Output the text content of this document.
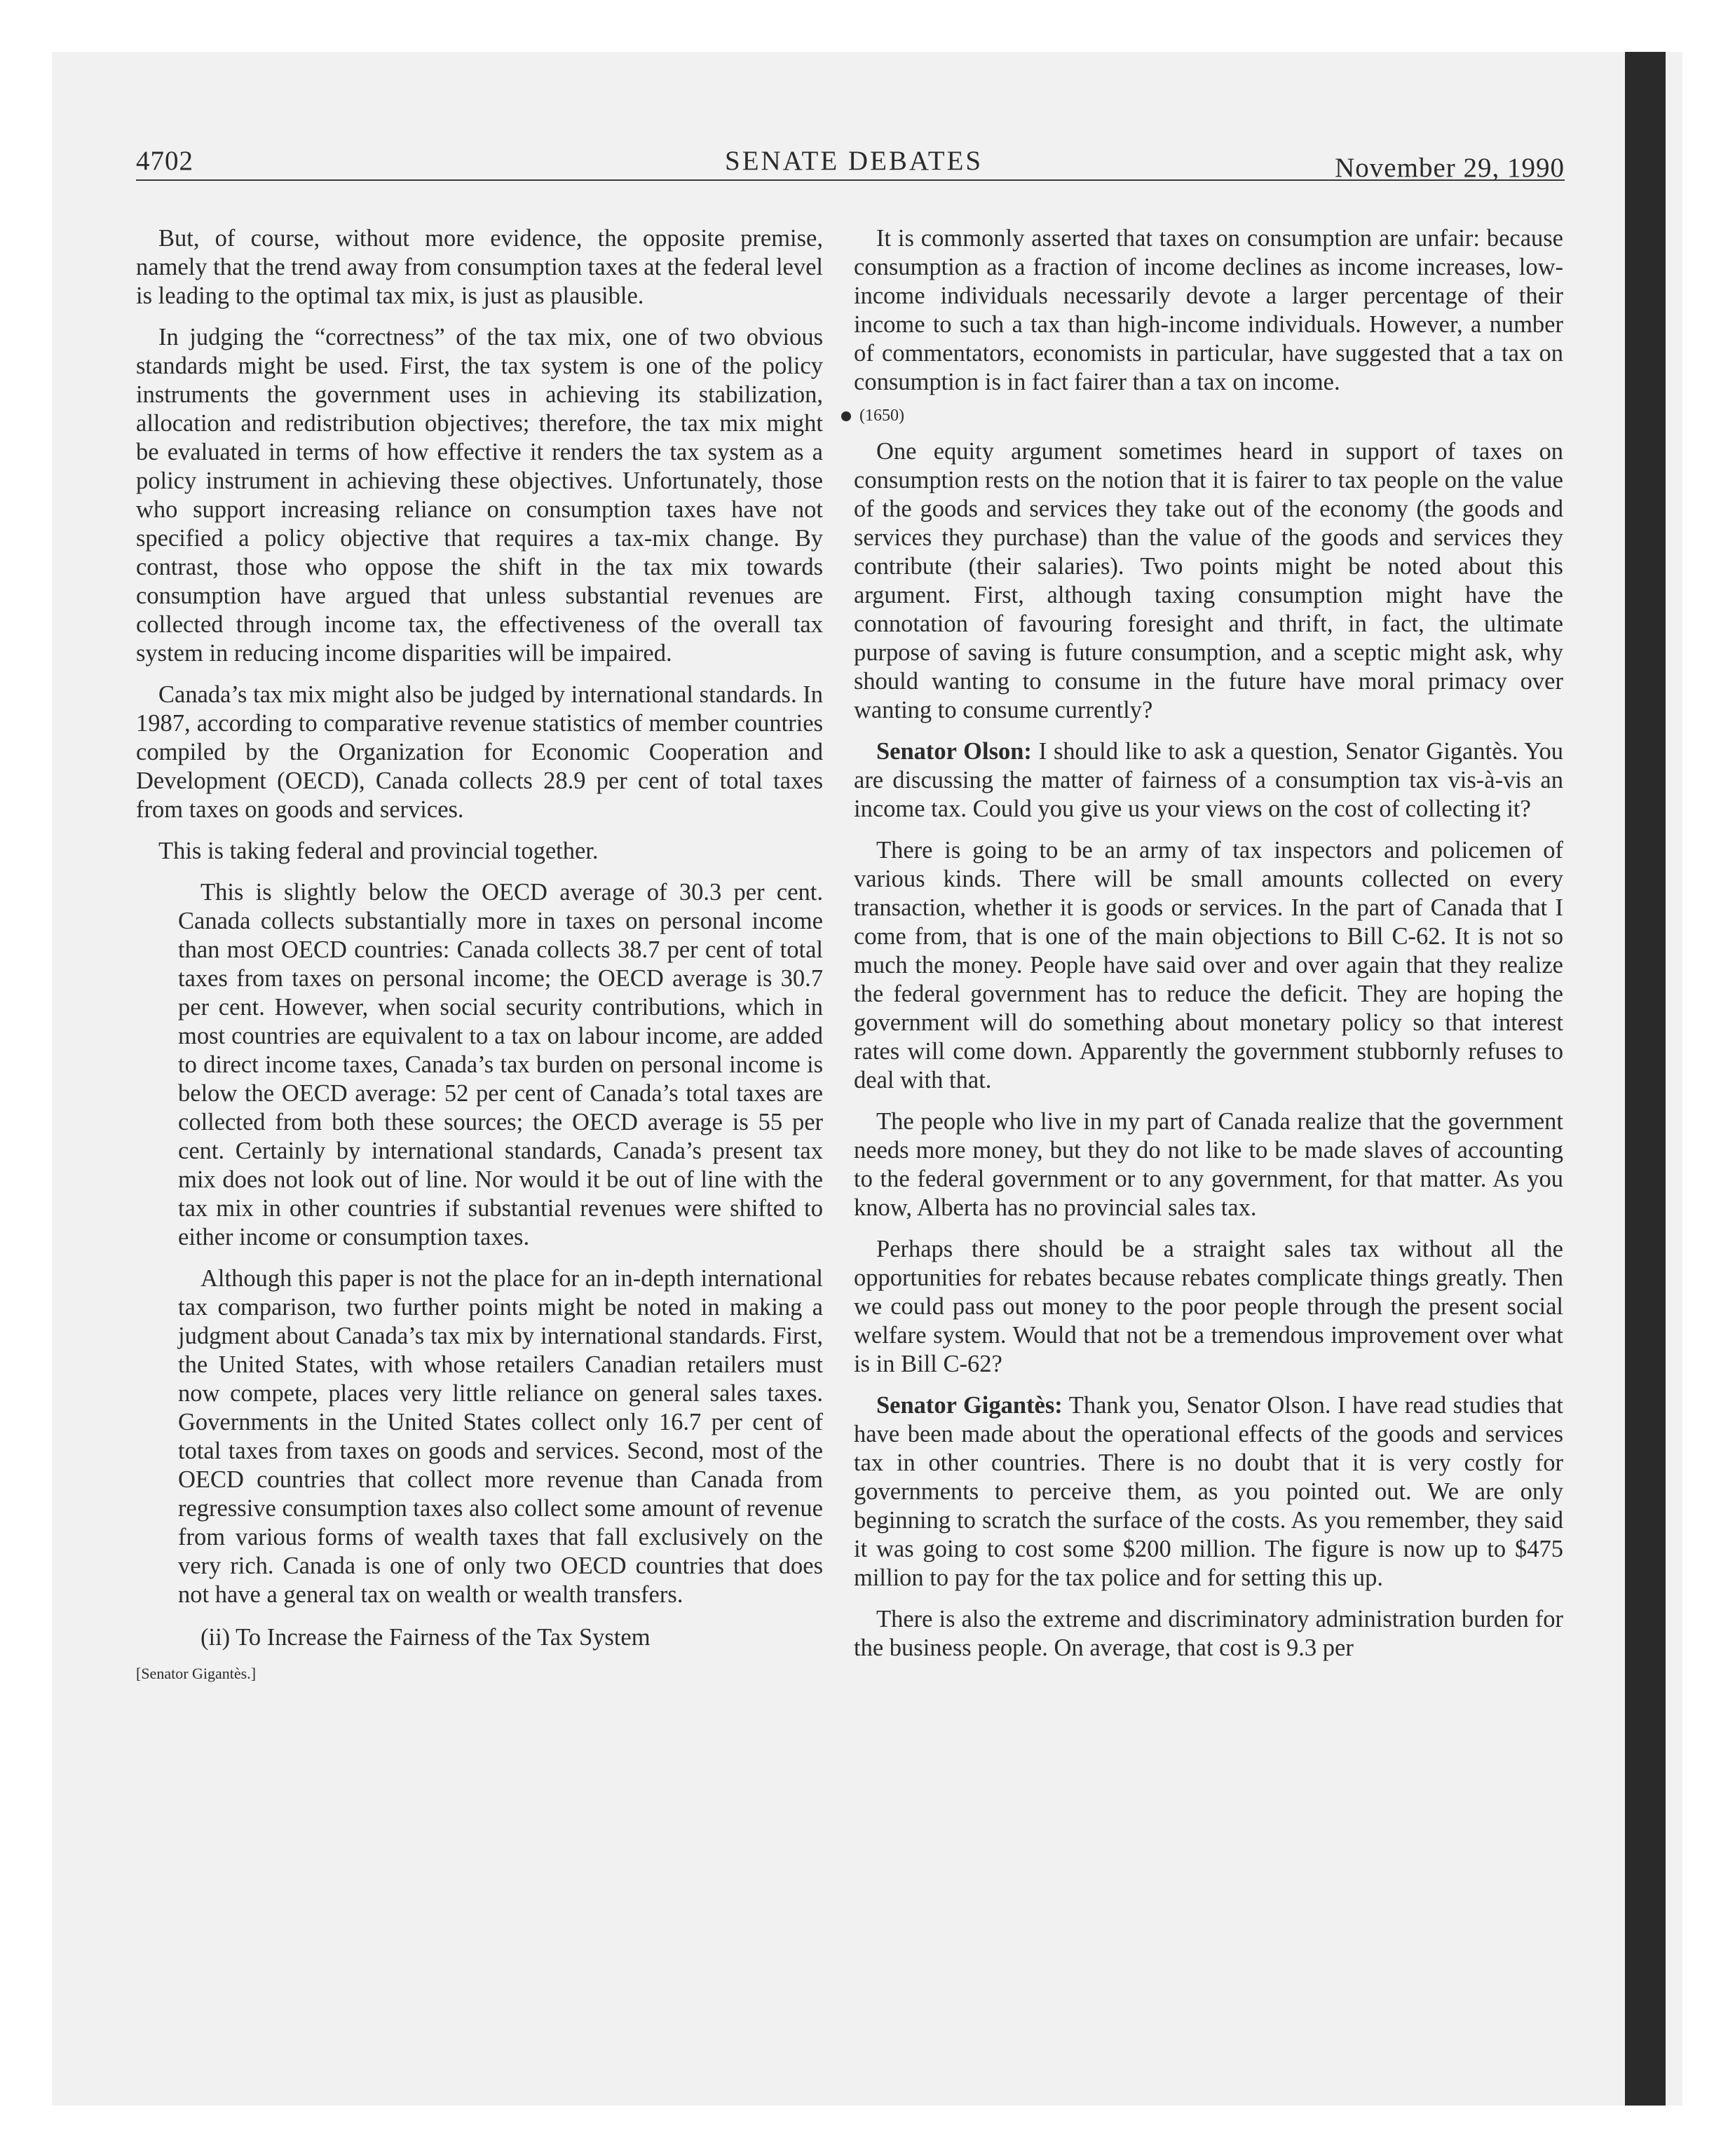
4702	SENATE DEBATES	November 29, 1990

But, of course, without more evidence, the opposite premise, namely that the trend away from consumption taxes at the federal level is leading to the optimal tax mix, is just as plausible.

In judging the “correctness” of the tax mix, one of two obvious standards might be used. First, the tax system is one of the policy instruments the government uses in achieving its stabilization, allocation and redistribution objectives; therefore, the tax mix might be evaluated in terms of how effective it renders the tax system as a policy instrument in achieving these objectives. Unfortunately, those who support increasing reliance on consumption taxes have not specified a policy objective that requires a tax-mix change. By contrast, those who oppose the shift in the tax mix towards consumption have argued that unless substantial revenues are collected through income tax, the effectiveness of the overall tax system in reducing income disparities will be impaired.

Canada’s tax mix might also be judged by international standards. In 1987, according to comparative revenue statistics of member countries compiled by the Organization for Economic Cooperation and Development (OECD), Canada collects 28.9 per cent of total taxes from taxes on goods and services.

This is taking federal and provincial together.

This is slightly below the OECD average of 30.3 per cent. Canada collects substantially more in taxes on personal income than most OECD countries: Canada collects 38.7 per cent of total taxes from taxes on personal income; the OECD average is 30.7 per cent. However, when social security contributions, which in most countries are equivalent to a tax on labour income, are added to direct income taxes, Canada’s tax burden on personal income is below the OECD average: 52 per cent of Canada’s total taxes are collected from both these sources; the OECD average is 55 per cent. Certainly by international standards, Canada’s present tax mix does not look out of line. Nor would it be out of line with the tax mix in other countries if substantial revenues were shifted to either income or consumption taxes.

Although this paper is not the place for an in-depth international tax comparison, two further points might be noted in making a judgment about Canada’s tax mix by international standards. First, the United States, with whose retailers Canadian retailers must now compete, places very little reliance on general sales taxes. Governments in the United States collect only 16.7 per cent of total taxes from taxes on goods and services. Second, most of the OECD countries that collect more revenue than Canada from regressive consumption taxes also collect some amount of revenue from various forms of wealth taxes that fall exclusively on the very rich. Canada is one of only two OECD countries that does not have a general tax on wealth or wealth transfers.

(ii) To Increase the Fairness of the Tax System

[Senator Gigantès.]

It is commonly asserted that taxes on consumption are unfair: because consumption as a fraction of income declines as income increases, low-income individuals necessarily devote a larger percentage of their income to such a tax than high-income individuals. However, a number of commentators, economists in particular, have suggested that a tax on consumption is in fact fairer than a tax on income.

(1650)

One equity argument sometimes heard in support of taxes on consumption rests on the notion that it is fairer to tax people on the value of the goods and services they take out of the economy (the goods and services they purchase) than the value of the goods and services they contribute (their salaries). Two points might be noted about this argument. First, although taxing consumption might have the connotation of favouring foresight and thrift, in fact, the ultimate purpose of saving is future consumption, and a sceptic might ask, why should wanting to consume in the future have moral primacy over wanting to consume currently?

Senator Olson: I should like to ask a question, Senator Gigantès. You are discussing the matter of fairness of a consumption tax vis-à-vis an income tax. Could you give us your views on the cost of collecting it?

There is going to be an army of tax inspectors and policemen of various kinds. There will be small amounts collected on every transaction, whether it is goods or services. In the part of Canada that I come from, that is one of the main objections to Bill C-62. It is not so much the money. People have said over and over again that they realize the federal government has to reduce the deficit. They are hoping the government will do something about monetary policy so that interest rates will come down. Apparently the government stubbornly refuses to deal with that.

The people who live in my part of Canada realize that the government needs more money, but they do not like to be made slaves of accounting to the federal government or to any government, for that matter. As you know, Alberta has no provincial sales tax.

Perhaps there should be a straight sales tax without all the opportunities for rebates because rebates complicate things greatly. Then we could pass out money to the poor people through the present social welfare system. Would that not be a tremendous improvement over what is in Bill C-62?

Senator Gigantès: Thank you, Senator Olson. I have read studies that have been made about the operational effects of the goods and services tax in other countries. There is no doubt that it is very costly for governments to perceive them, as you pointed out. We are only beginning to scratch the surface of the costs. As you remember, they said it was going to cost some $200 million. The figure is now up to $475 million to pay for the tax police and for setting this up.

There is also the extreme and discriminatory administration burden for the business people. On average, that cost is 9.3 per
